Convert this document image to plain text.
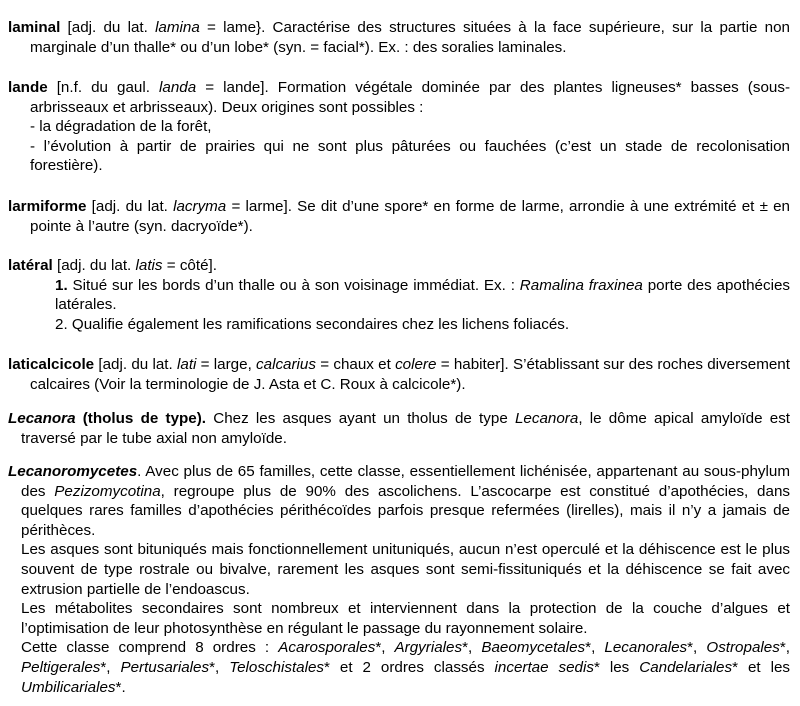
laminal [adj. du lat. lamina = lame}. Caractérise des structures situées à la face supérieure, sur la partie non marginale d’un thalle* ou d’un lobe* (syn. = facial*). Ex. : des soralies laminales.

lande [n.f. du gaul. landa = lande]. Formation végétale dominée par des plantes ligneuses* basses (sous-arbrisseaux et arbrisseaux). Deux origines sont possibles :

- la dégradation de la forêt,

- l’évolution à partir de prairies qui ne sont plus pâturées ou fauchées (c’est un stade de recolonisation forestière).

larmiforme [adj. du lat. lacryma = larme]. Se dit d’une spore* en forme de larme, arrondie à une extrémité et ± en pointe à l’autre (syn. dacryoïde*).

latéral [adj. du lat. latis = côté].

1. Situé sur les bords d’un thalle ou à son voisinage immédiat. Ex. : Ramalina fraxinea porte des apothécies latérales.

2. Qualifie également les ramifications secondaires chez les lichens foliacés.

laticalcicole [adj. du lat. lati = large, calcarius = chaux et colere = habiter]. S’établissant sur des roches diversement calcaires (Voir la terminologie de J. Asta et C. Roux à calcicole*).

Lecanora (tholus de type). Chez les asques ayant un tholus de type Lecanora, le dôme apical amyloïde est traversé par le tube axial non amyloïde.

Lecanoromycetes. Avec plus de 65 familles, cette classe, essentiellement lichénisée, appartenant au sous-phylum des Pezizomycotina, regroupe plus de 90% des ascolichens. L’ascocarpe est constitué d’apothécies, dans quelques rares familles d’apothécies périthécoïdes parfois presque refermées (lirelles), mais il n’y a jamais de périthèces.

Les asques sont bituniqués mais fonctionnellement unituniqués, aucun n’est operculé et la déhiscence est le plus souvent de type rostrale ou bivalve, rarement les asques sont semi-fissituniqués et la déhiscence se fait avec extrusion partielle de l’endoascus.

Les métabolites secondaires sont nombreux et interviennent dans la protection de la couche d’algues et l’optimisation de leur photosynthèse en régulant le passage du rayonnement solaire.

Cette classe comprend 8 ordres : Acarosporales*, Argyriales*, Baeomycetales*, Lecanorales*, Ostropales*, Peltigerales*, Pertusariales*, Teloschistales* et 2 ordres classés incertae sedis* les Candelariales* et les Umbilicariales*.
